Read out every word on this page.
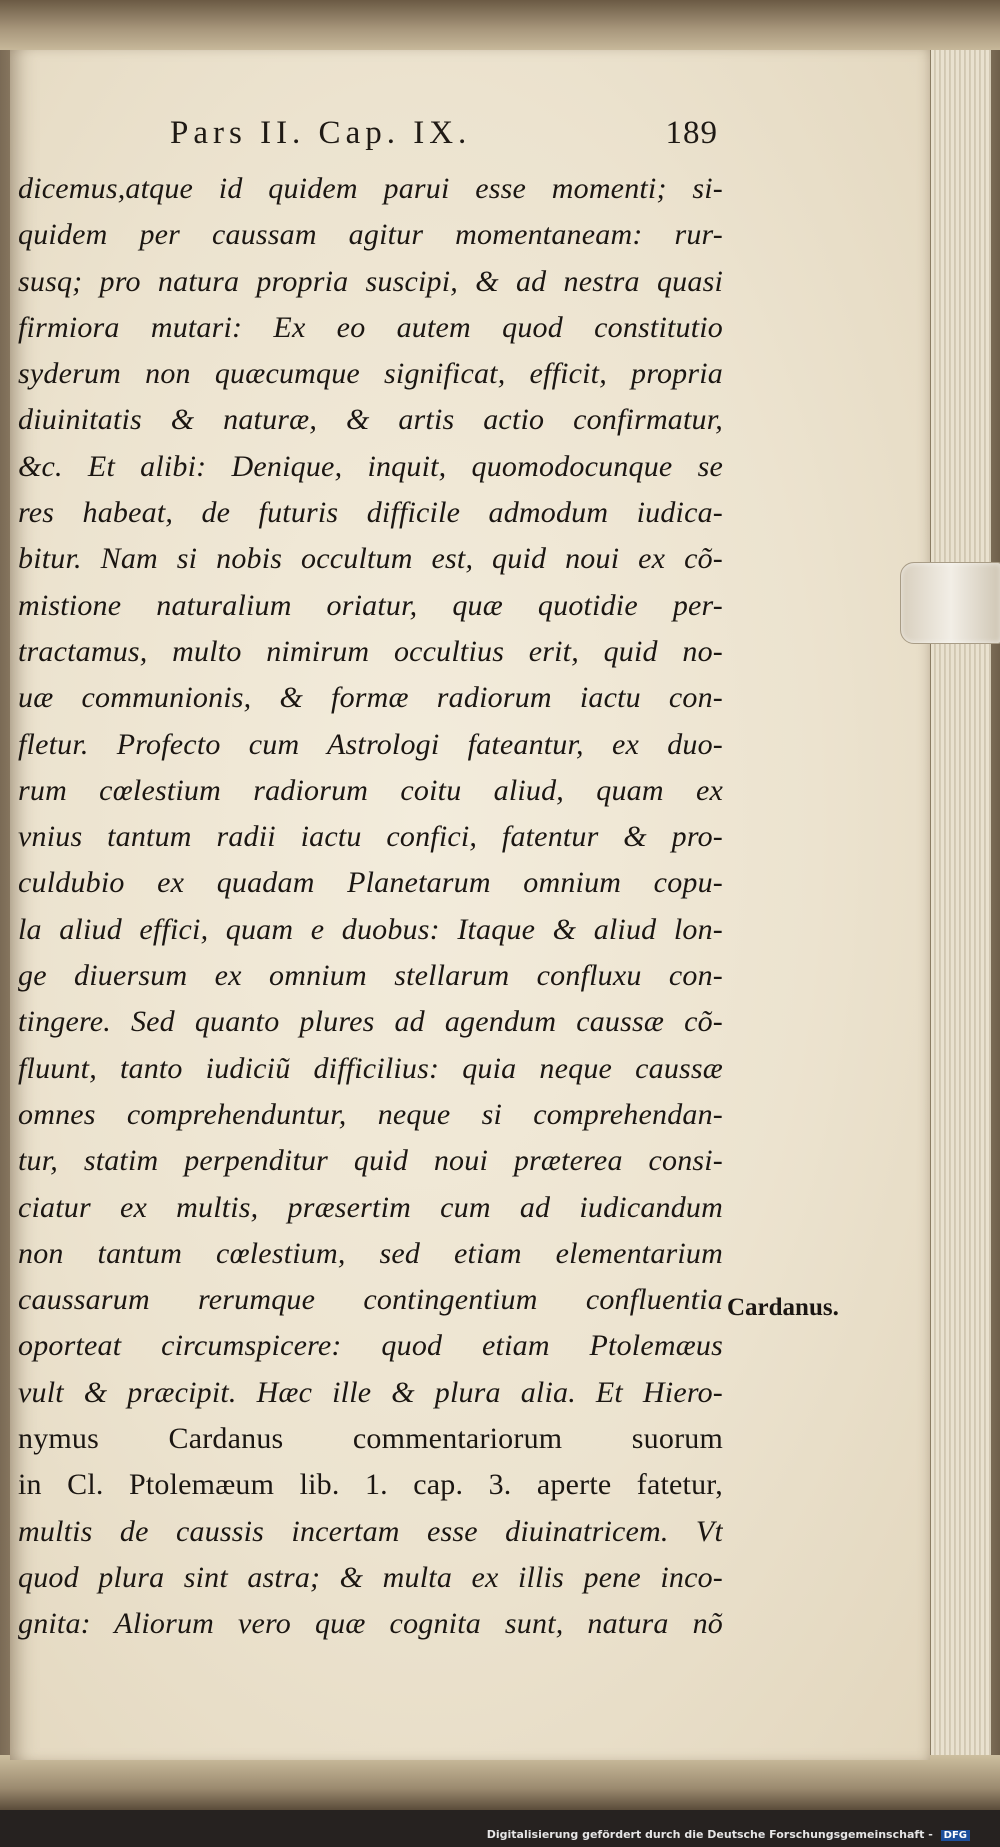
Pars II. Cap. IX.	189
dicemus,atque id quidem parui esse momenti; si-
quidem per caussam agitur momentaneam: rur-
susq; pro natura propria suscipi, & ad nestra quasi
firmiora mutari: Ex eo autem quod constitutio
syderum non quæcumque significat, efficit, propria
diuinitatis & naturæ, & artis actio confirmatur,
&c. Et alibi: Denique, inquit, quomodocunque se
res habeat, de futuris difficile admodum iudica-
bitur. Nam si nobis occultum est, quid noui ex cõ-
mistione naturalium oriatur, quæ quotidie per-
tractamus, multo nimirum occultius erit, quid no-
uæ communionis, & formæ radiorum iactu con-
fletur. Profecto cum Astrologi fateantur, ex duo-
rum cœlestium radiorum coitu aliud, quam ex
vnius tantum radii iactu confici, fatentur & pro-
culdubio ex quadam Planetarum omnium copu-
la aliud effici, quam e duobus: Itaque & aliud lon-
ge diuersum ex omnium stellarum confluxu con-
tingere. Sed quanto plures ad agendum caussæ cõ-
fluunt, tanto iudiciũ difficilius: quia neque caussæ
omnes comprehenduntur, neque si comprehendan-
tur, statim perpenditur quid noui præterea consi-
ciatur ex multis, præsertim cum ad iudicandum
non tantum cœlestium, sed etiam elementarium
caussarum rerumque contingentium confluentia
oporteat circumspicere: quod etiam Ptolemæus
vult & præcipit. Hæc ille & plura alia. Et Hiero-
nymus Cardanus commentariorum suorum
in Cl. Ptolemæum lib. 1. cap. 3. aperte fatetur,
multis de caussis incertam esse diuinatricem. Vt
quod plura sint astra; & multa ex illis pene inco-
gnita: Aliorum vero quæ cognita sunt, natura nõ
Cardanus.
Digitalisierung gefördert durch die Deutsche Forschungsgemeinschaft - DFG
